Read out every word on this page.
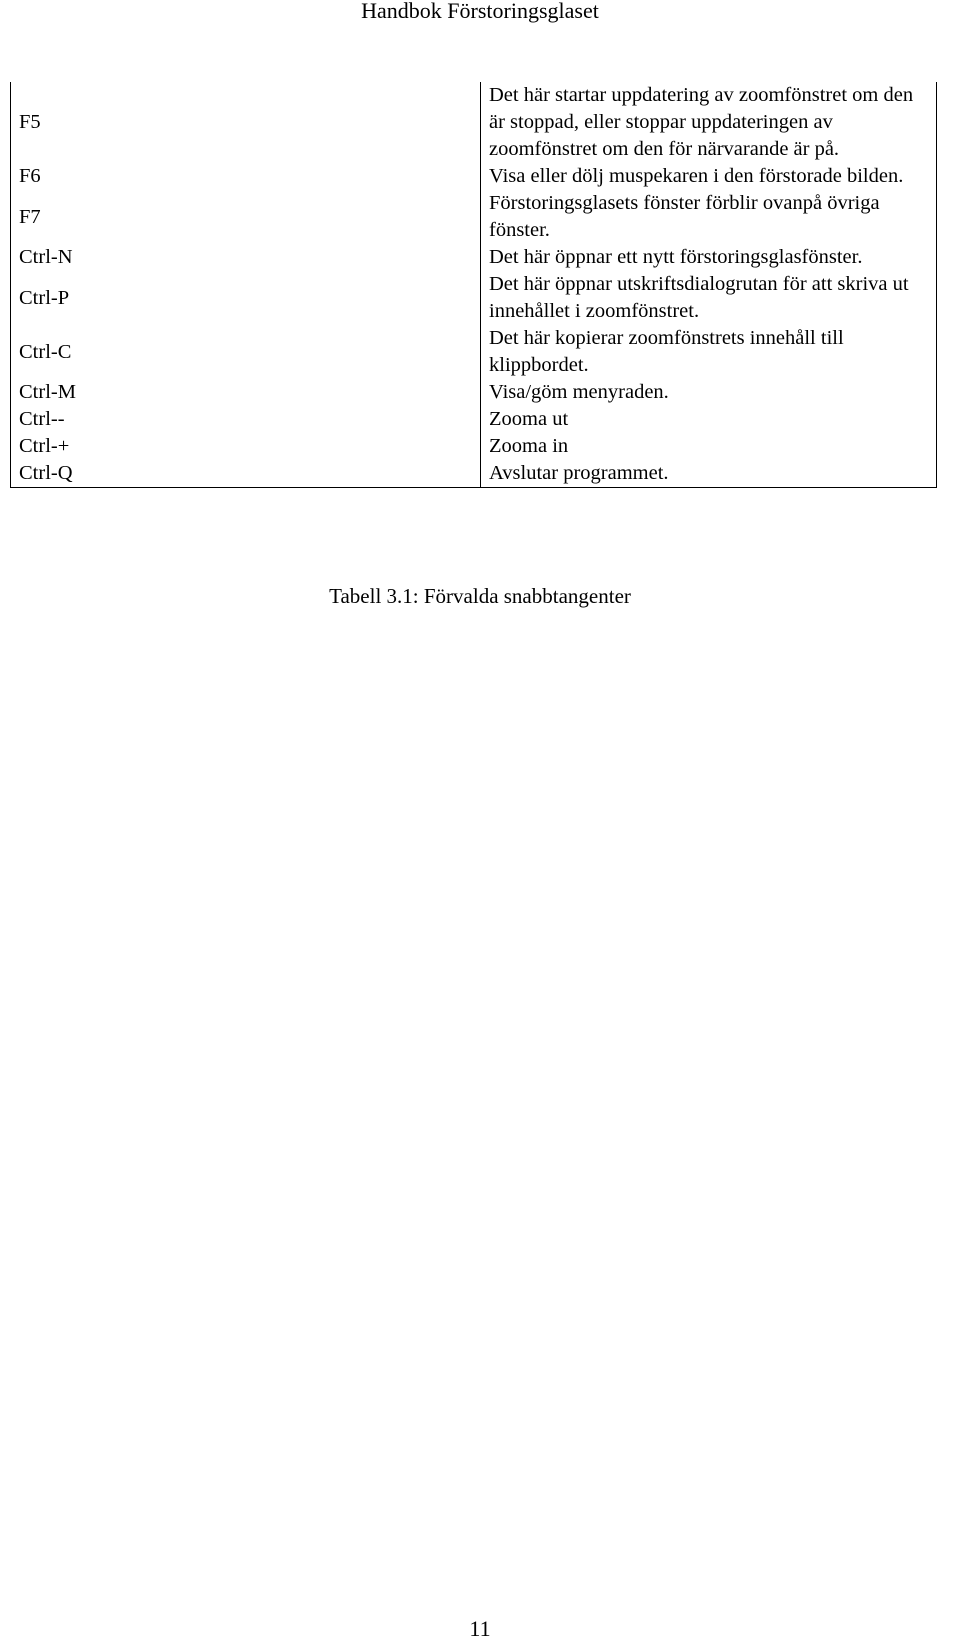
Handbok Förstoringsglaset
F5	Det här startar uppdatering av zoomfönstret om den är stoppad, eller stoppar uppdateringen av zoomfönstret om den för närvarande är på.
F6	Visa eller dölj muspekaren i den förstorade bilden.
F7	Förstoringsglasets fönster förblir ovanpå övriga fönster.
Ctrl-N	Det här öppnar ett nytt förstoringsglasfönster.
Ctrl-P	Det här öppnar utskriftsdialogrutan för att skriva ut innehållet i zoomfönstret.
Ctrl-C	Det här kopierar zoomfönstrets innehåll till klippbordet.
Ctrl-M	Visa/göm menyraden.
Ctrl--	Zooma ut
Ctrl-+	Zooma in
Ctrl-Q	Avslutar programmet.
Tabell 3.1: Förvalda snabbtangenter
11
